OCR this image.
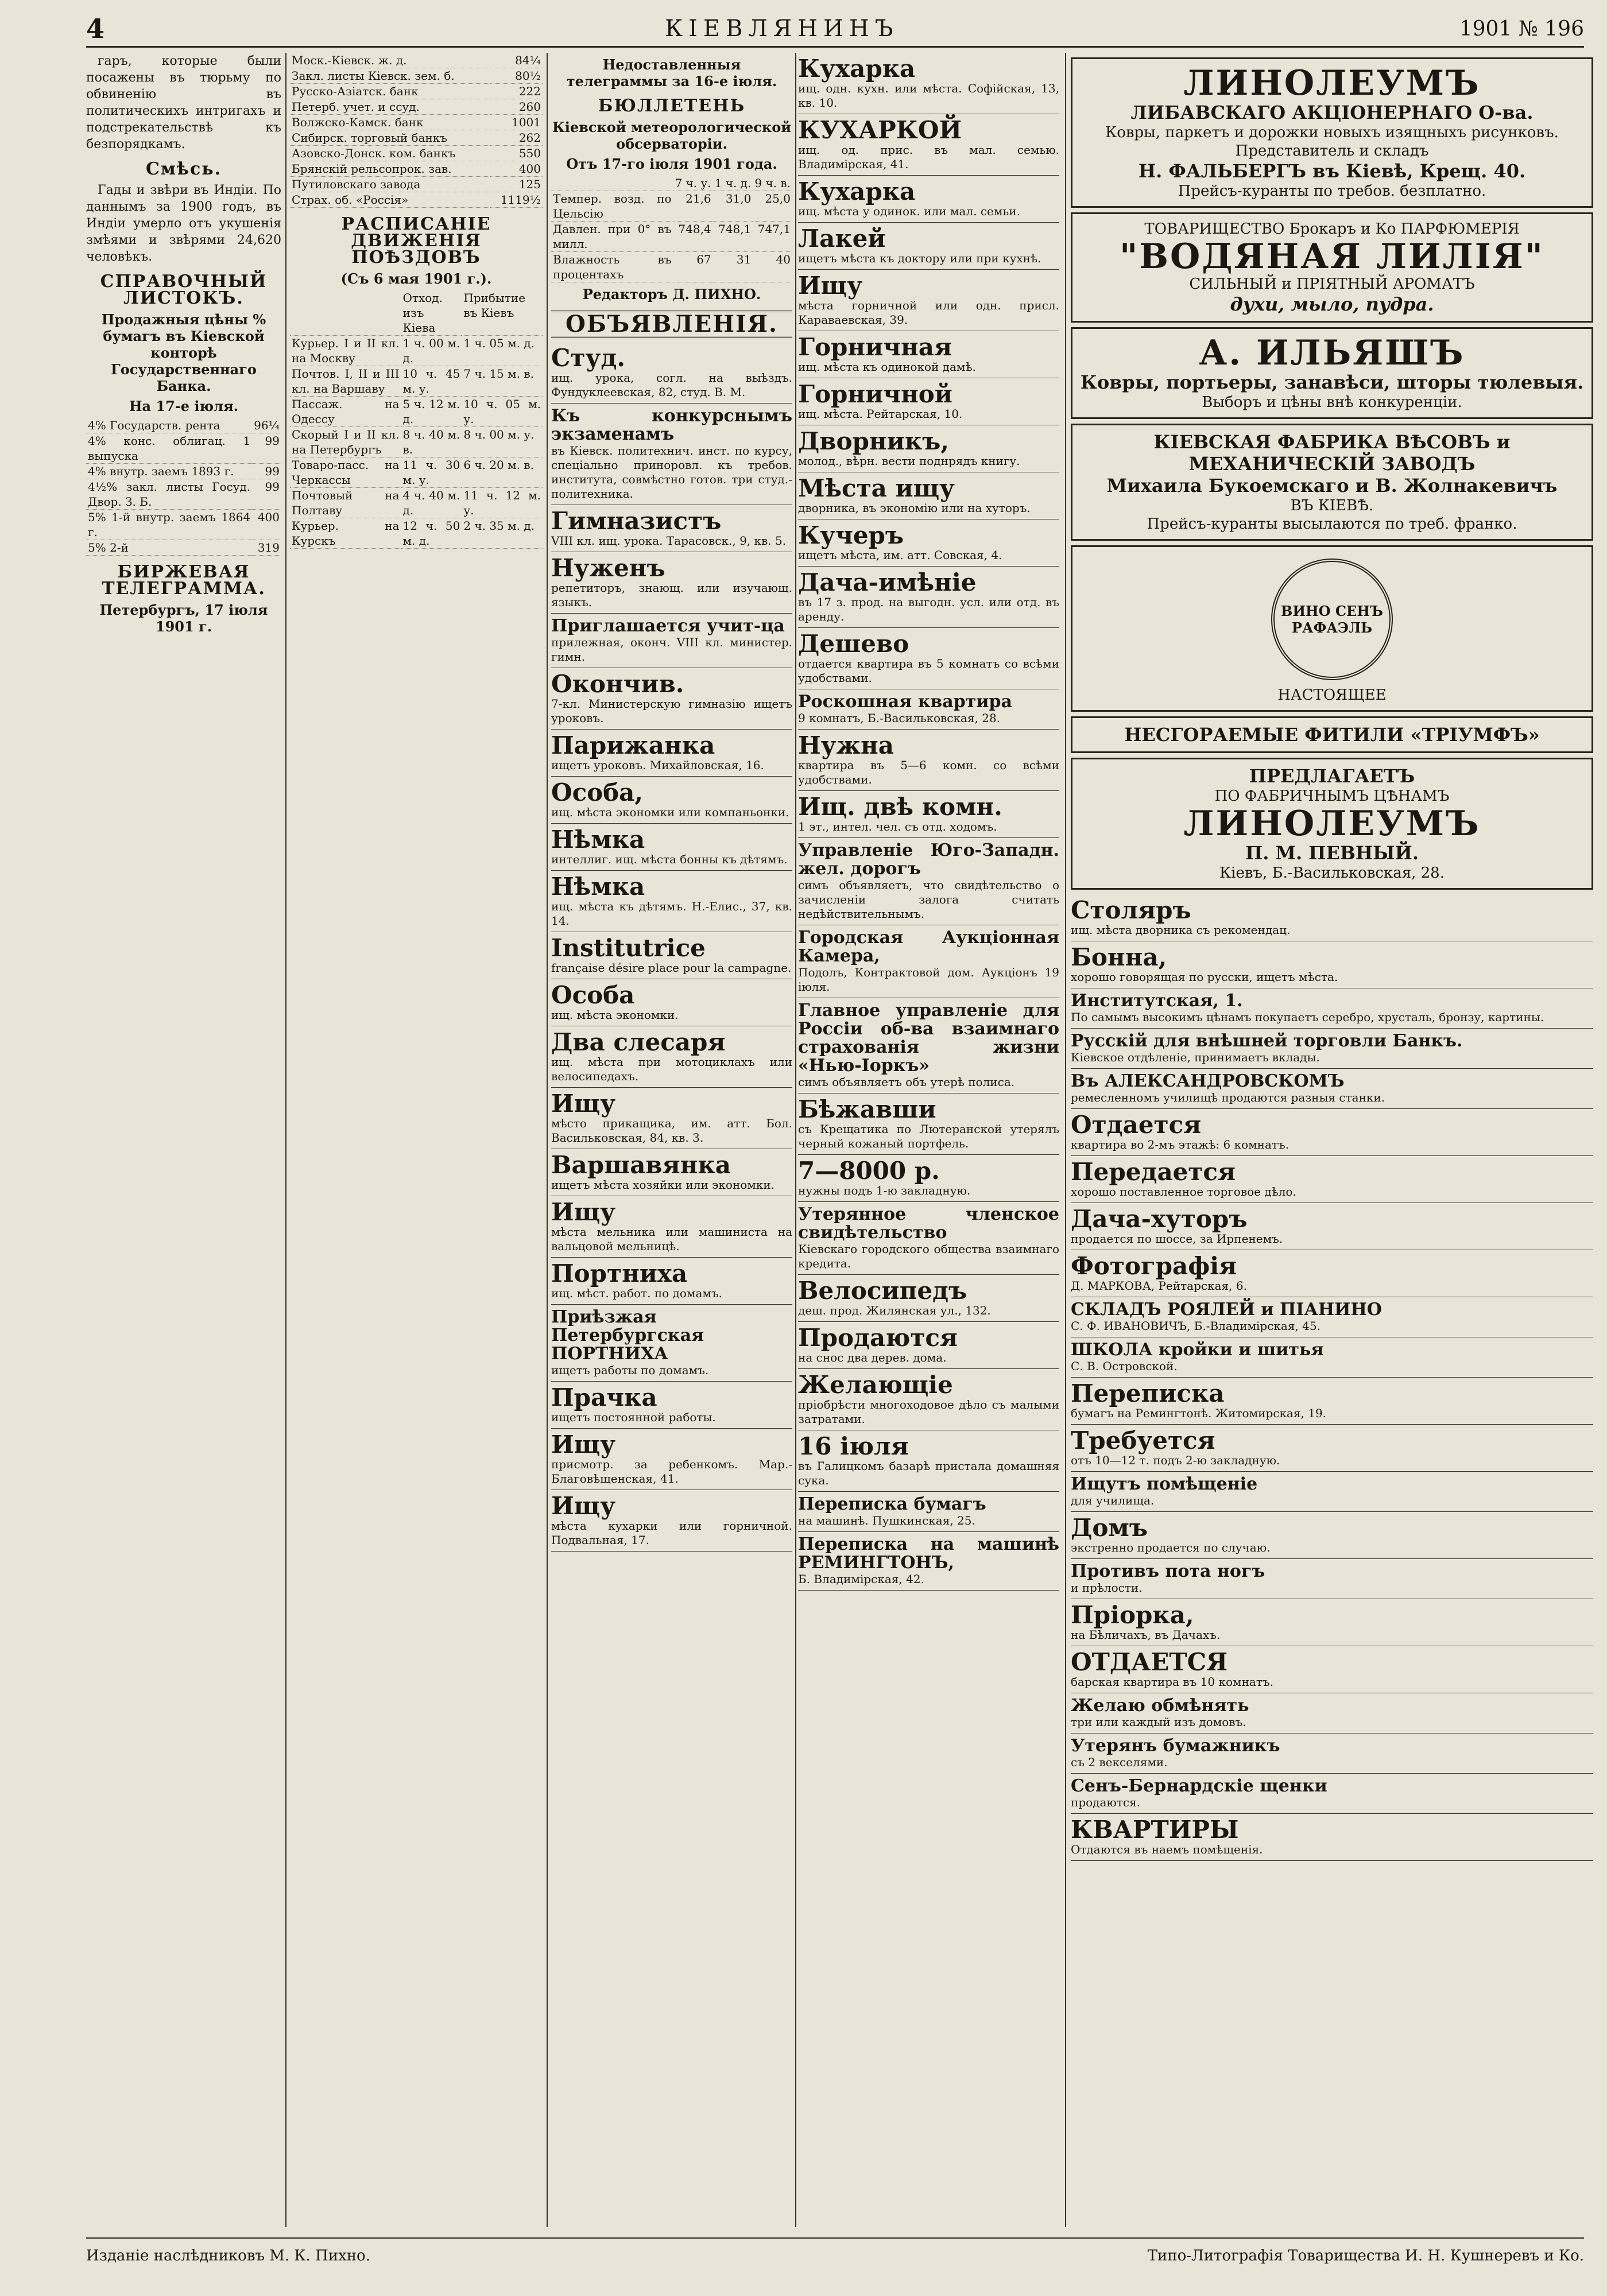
4	КІЕВЛЯНИНЪ	1901 № 196

гаръ, которые были посажены въ тюрьму по обвиненію въ политическихъ интригахъ и подстрекательствѣ къ безпорядкамъ.

Смѣсь.

Гады и звѣри въ Индіи. По даннымъ за 1900 годъ, въ Индіи умерло отъ укушенія змѣями и звѣрями 24,620 человѣкъ.

СПРАВОЧНЫЙ ЛИСТОКЪ.
Продажныя цѣны % бумагъ въ Кіевской конторѣ Государственнаго Банка.
На 17-е іюля.
4% Государств. рента	96¼
4% конс. облигац. 1 выпуска	99
4% внутр. заемъ 1893 г.	99
4½% закл. листы Госуд. Двор. З. Б.	99
5% 1-й внутр. заемъ 1864 г.	400
5% 2-й	319
БИРЖЕВАЯ ТЕЛЕГРАММА.
Петербургъ, 17 іюля 1901 г.
Моск.-Кіевск. ж. д.	84¼
Закл. листы Кіевск. зем. б.	80½
Русско-Азіатск. банк	222
Петерб. учет. и ссуд.	260
Волжско-Камск. банк	1001
Сибирск. торговый банкъ	262
Азовско-Донск. ком. банкъ	550
Брянскій рельсопрок. зав.	400
Путиловскаго завода	125
Страх. об. «Россія»	1119½
РАСПИСАНІЕ ДВИЖЕНІЯ ПОѢЗДОВЪ
(Съ 6 мая 1901 г.).
	Отход. изъ Кіева	Прибытие въ Кіевъ
Курьер. I и II кл. на Москву	1 ч. 00 м. д.	1 ч. 05 м. д.
Почтов. I, II и III кл. на Варшаву	10 ч. 45 м. у.	7 ч. 15 м. в.
Пассаж. на Одессу	5 ч. 12 м. д.	10 ч. 05 м. у.
Скорый I и II кл. на Петербургъ	8 ч. 40 м. в.	8 ч. 00 м. у.
Товаро-пасс. на Черкассы	11 ч. 30 м. у.	6 ч. 20 м. в.
Почтовый на Полтаву	4 ч. 40 м. д.	11 ч. 12 м. у.
Курьер. на Курскъ	12 ч. 50 м. д.	2 ч. 35 м. д.
Недоставленныя телеграммы за 16-е іюля.
БЮЛЛЕТЕНЬ
Кіевской метеорологической обсерваторіи.
Отъ 17-го іюля 1901 года.
	7 ч. у.	1 ч. д.	9 ч. в.
Темпер. возд. по Цельсію	21,6	31,0	25,0
Давлен. при 0° въ милл.	748,4	748,1	747,1
Влажность въ процентахъ	67	31	40
Редакторъ Д. ПИХНО.
ОБЪЯВЛЕНІЯ.
Студ.
ищ. урока, согл. на выѣздъ. Фундуклеевская, 82, студ. В. М.
Къ конкурснымъ экзаменамъ
въ Кіевск. политехнич. инст. по курсу, спеціально приноровл. къ требов. института, совмѣстно готов. три студ.-политехника.
Гимназистъ
VIII кл. ищ. урока. Тарасовск., 9, кв. 5.
Нуженъ
репетиторъ, знающ. или изучающ. языкъ.
Приглашается учит-ца
прилежная, оконч. VIII кл. министер. гимн.
Окончив.
7-кл. Министерскую гимназію ищетъ уроковъ.
Парижанка
ищетъ уроковъ. Михайловская, 16.
Особа,
ищ. мѣста экономки или компаньонки.
Нѣмка
интеллиг. ищ. мѣста бонны къ дѣтямъ.
Нѣмка
ищ. мѣста къ дѣтямъ. Н.-Елис., 37, кв. 14.
Institutrice
française désire place pour la campagne.
Особа
ищ. мѣста экономки.
Два слесаря
ищ. мѣста при мотоциклахъ или велосипедахъ.
Ищу
мѣсто прикащика, им. атт. Бол. Васильковская, 84, кв. 3.
Варшавянка
ищетъ мѣста хозяйки или экономки.
Ищу
мѣста мельника или машиниста на вальцовой мельницѣ.
Портниха
ищ. мѣст. работ. по домамъ.
Приѣзжая Петербургская ПОРТНИХА
ищетъ работы по домамъ.
Прачка
ищетъ постоянной работы.
Ищу
присмотр. за ребенкомъ. Мар.-Благовѣщенская, 41.
Ищу
мѣста кухарки или горничной. Подвальная, 17.
Кухарка
ищ. одн. кухн. или мѣста. Софійская, 13, кв. 10.
КУХАРКОЙ
ищ. од. прис. въ мал. семью. Владимірская, 41.
Кухарка
ищ. мѣста у одинок. или мал. семьи.
Лакей
ищетъ мѣста къ доктору или при кухнѣ.
Ищу
мѣста горничной или одн. присл. Караваевская, 39.
Горничная
ищ. мѣста къ одинокой дамѣ.
Горничной
ищ. мѣста. Рейтарская, 10.
Дворникъ,
молод., вѣрн. вести поднрядъ книгу.
Мѣста ищу
дворника, въ экономію или на хуторъ.
Кучеръ
ищетъ мѣста, им. атт. Совская, 4.
Дача-имѣніе
въ 17 з. прод. на выгодн. усл. или отд. въ аренду.
Дешево
отдается квартира въ 5 комнатъ со всѣми удобствами.
Роскошная квартира
9 комнатъ, Б.-Васильковская, 28.
Нужна
квартира въ 5—6 комн. со всѣми удобствами.
Ищ. двѣ комн.
1 эт., интел. чел. съ отд. ходомъ.
Управленіе Юго-Западн. жел. дорогъ
симъ объявляетъ, что свидѣтельство о зачисленіи залога считать недѣйствительнымъ.
Городская Аукціонная Камера,
Подолъ, Контрактовой дом. Аукціонъ 19 іюля.
Главное управленіе для Россіи об-ва взаимнаго страхованія жизни «Нью-Іоркъ»
симъ объявляетъ объ утерѣ полиса.
Бѣжавши
съ Крещатика по Лютеранской утерялъ черный кожаный портфель.
7—8000 р.
нужны подъ 1-ю закладную.
Утерянное членское свидѣтельство
Кіевскаго городского общества взаимнаго кредита.
Велосипедъ
деш. прод. Жилянская ул., 132.
Продаются
на снос два дерев. дома.
Желающіе
пріобрѣсти многоходовое дѣло съ малыми затратами.
16 іюля
въ Галицкомъ базарѣ пристала домашняя сука.
Переписка бумагъ
на машинѣ. Пушкинская, 25.
Переписка на машинѣ РЕМИНГТОНЪ,
Б. Владимірская, 42.
ЛИНОЛЕУМЪ
ЛИБАВСКАГО АКЦІОНЕРНАГО О-ва.
Ковры, паркетъ и дорожки новыхъ изящныхъ рисунковъ.
Представитель и складъ
Н. ФАЛЬБЕРГЪ въ Кіевѣ, Крещ. 40.
Прейсъ-куранты по требов. безплатно.
ТОВАРИЩЕСТВО Брокаръ и Ко ПАРФЮМЕРІЯ
"ВОДЯНАЯ ЛИЛІЯ"
СИЛЬНЫЙ и ПРІЯТНЫЙ АРОМАТЪ
духи, мыло, пудра.
А. ИЛЬЯШЪ
Ковры, портьеры, занавѣси, шторы тюлевыя.
Выборъ и цѣны внѣ конкуренціи.
КІЕВСКАЯ ФАБРИКА ВѢСОВЪ и МЕХАНИЧЕСКІЙ ЗАВОДЪ
Михаила Букоемскаго и В. Жолнакевичъ
ВЪ КІЕВѢ.
Прейсъ-куранты высылаются по треб. франко.
ВИНО СЕНЪ РАФАЭЛЬ
НАСТОЯЩЕЕ
НЕСГОРАЕМЫЕ ФИТИЛИ «ТРІУМФЪ»
ПРЕДЛАГАЕТЪ
ПО ФАБРИЧНЫМЪ ЦѢНАМЪ
ЛИНОЛЕУМЪ
П. М. ПЕВНЫЙ.
Кіевъ, Б.-Васильковская, 28.
Столяръ
ищ. мѣста дворника съ рекомендац.
Бонна,
хорошо говорящая по русски, ищетъ мѣста.
Институтская, 1.
По самымъ высокимъ цѣнамъ покупаетъ серебро, хрусталь, бронзу, картины.
Русскій для внѣшней торговли Банкъ.
Кіевское отдѣленіе, принимаетъ вклады.
Въ АЛЕКСАНДРОВСКОМЪ
ремесленномъ училищѣ продаются разныя станки.
Отдается
квартира во 2-мъ этажѣ: 6 комнатъ.
Передается
хорошо поставленное торговое дѣло.
Дача-хуторъ
продается по шоссе, за Ирпенемъ.
Фотографія
Д. МАРКОВА, Рейтарская, 6.
СКЛАДЪ РОЯЛЕЙ и ПІАНИНО
С. Ф. ИВАНОВИЧЪ, Б.-Владимірская, 45.
ШКОЛА кройки и шитья
С. В. Островской.
Переписка
бумагъ на Ремингтонѣ. Житомирская, 19.
Требуется
отъ 10—12 т. подъ 2-ю закладную.
Ищутъ помѣщеніе
для училища.
Домъ
экстренно продается по случаю.
Противъ пота ногъ
и прѣлости.
Пріорка,
на Бѣличахъ, въ Дачахъ.
ОТДАЕТСЯ
барская квартира въ 10 комнатъ.
Желаю обмѣнять
три или каждый изъ домовъ.
Утерянъ бумажникъ
съ 2 векселями.
Сенъ-Бернардскіе щенки
продаются.
КВАРТИРЫ
Отдаются въ наемъ помѣщенія.
Изданіе наслѣдниковъ М. К. Пихно.	Типо-Литографія Товарищества И. Н. Кушнеревъ и Ко.
